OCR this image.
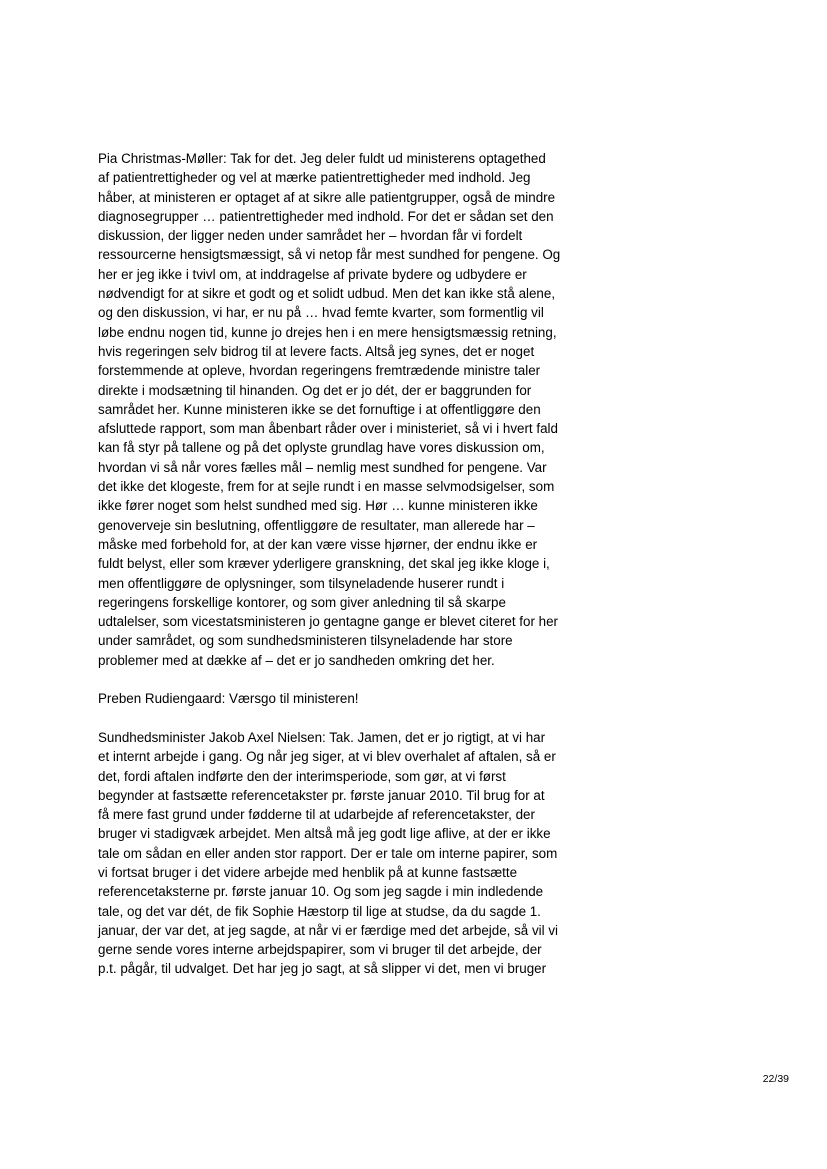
Pia Christmas-Møller: Tak for det. Jeg deler fuldt ud ministerens optagethed
af patientrettigheder og vel at mærke patientrettigheder med indhold. Jeg
håber, at ministeren er optaget af at sikre alle patientgrupper, også de mindre
diagnosegrupper … patientrettigheder med indhold. For det er sådan set den
diskussion, der ligger neden under samrådet her – hvordan får vi fordelt
ressourcerne hensigtsmæssigt, så vi netop får mest sundhed for pengene. Og
her er jeg ikke i tvivl om, at inddragelse af private bydere og udbydere er
nødvendigt for at sikre et godt og et solidt udbud. Men det kan ikke stå alene,
og den diskussion, vi har, er nu på … hvad femte kvarter, som formentlig vil
løbe endnu nogen tid, kunne jo drejes hen i en mere hensigtsmæssig retning,
hvis regeringen selv bidrog til at levere facts. Altså jeg synes, det er noget
forstemmende at opleve, hvordan regeringens fremtrædende ministre taler
direkte i modsætning til hinanden. Og det er jo dét, der er baggrunden for
samrådet her. Kunne ministeren ikke se det fornuftige i at offentliggøre den
afsluttede rapport, som man åbenbart råder over i ministeriet, så vi i hvert fald
kan få styr på tallene og på det oplyste grundlag have vores diskussion om,
hvordan vi så når vores fælles mål – nemlig mest sundhed for pengene. Var
det ikke det klogeste, frem for at sejle rundt i en masse selvmodsigelser, som
ikke fører noget som helst sundhed med sig. Hør … kunne ministeren ikke
genoverveje sin beslutning, offentliggøre de resultater, man allerede har –
måske med forbehold for, at der kan være visse hjørner, der endnu ikke er
fuldt belyst, eller som kræver yderligere granskning, det skal jeg ikke kloge i,
men offentliggøre de oplysninger, som tilsyneladende huserer rundt i
regeringens forskellige kontorer, og som giver anledning til så skarpe
udtalelser, som vicestatsministeren jo gentagne gange er blevet citeret for her
under samrådet, og som sundhedsministeren tilsyneladende har store
problemer med at dække af – det er jo sandheden omkring det her.

Preben Rudiengaard: Værsgo til ministeren!

Sundhedsminister Jakob Axel Nielsen: Tak. Jamen, det er jo rigtigt, at vi har
et internt arbejde i gang. Og når jeg siger, at vi blev overhalet af aftalen, så er
det, fordi aftalen indførte den der interimsperiode, som gør, at vi først
begynder at fastsætte referencetakster pr. første januar 2010. Til brug for at
få mere fast grund under fødderne til at udarbejde af referencetakster, der
bruger vi stadigvæk arbejdet. Men altså må jeg godt lige aflive, at der er ikke
tale om sådan en eller anden stor rapport. Der er tale om interne papirer, som
vi fortsat bruger i det videre arbejde med henblik på at kunne fastsætte
referencetaksterne pr. første januar 10. Og som jeg sagde i min indledende
tale, og det var dét, de fik Sophie Hæstorp til lige at studse, da du sagde 1.
januar, der var det, at jeg sagde, at når vi er færdige med det arbejde, så vil vi
gerne sende vores interne arbejdspapirer, som vi bruger til det arbejde, der
p.t. pågår, til udvalget. Det har jeg jo sagt, at så slipper vi det, men vi bruger

22/39
